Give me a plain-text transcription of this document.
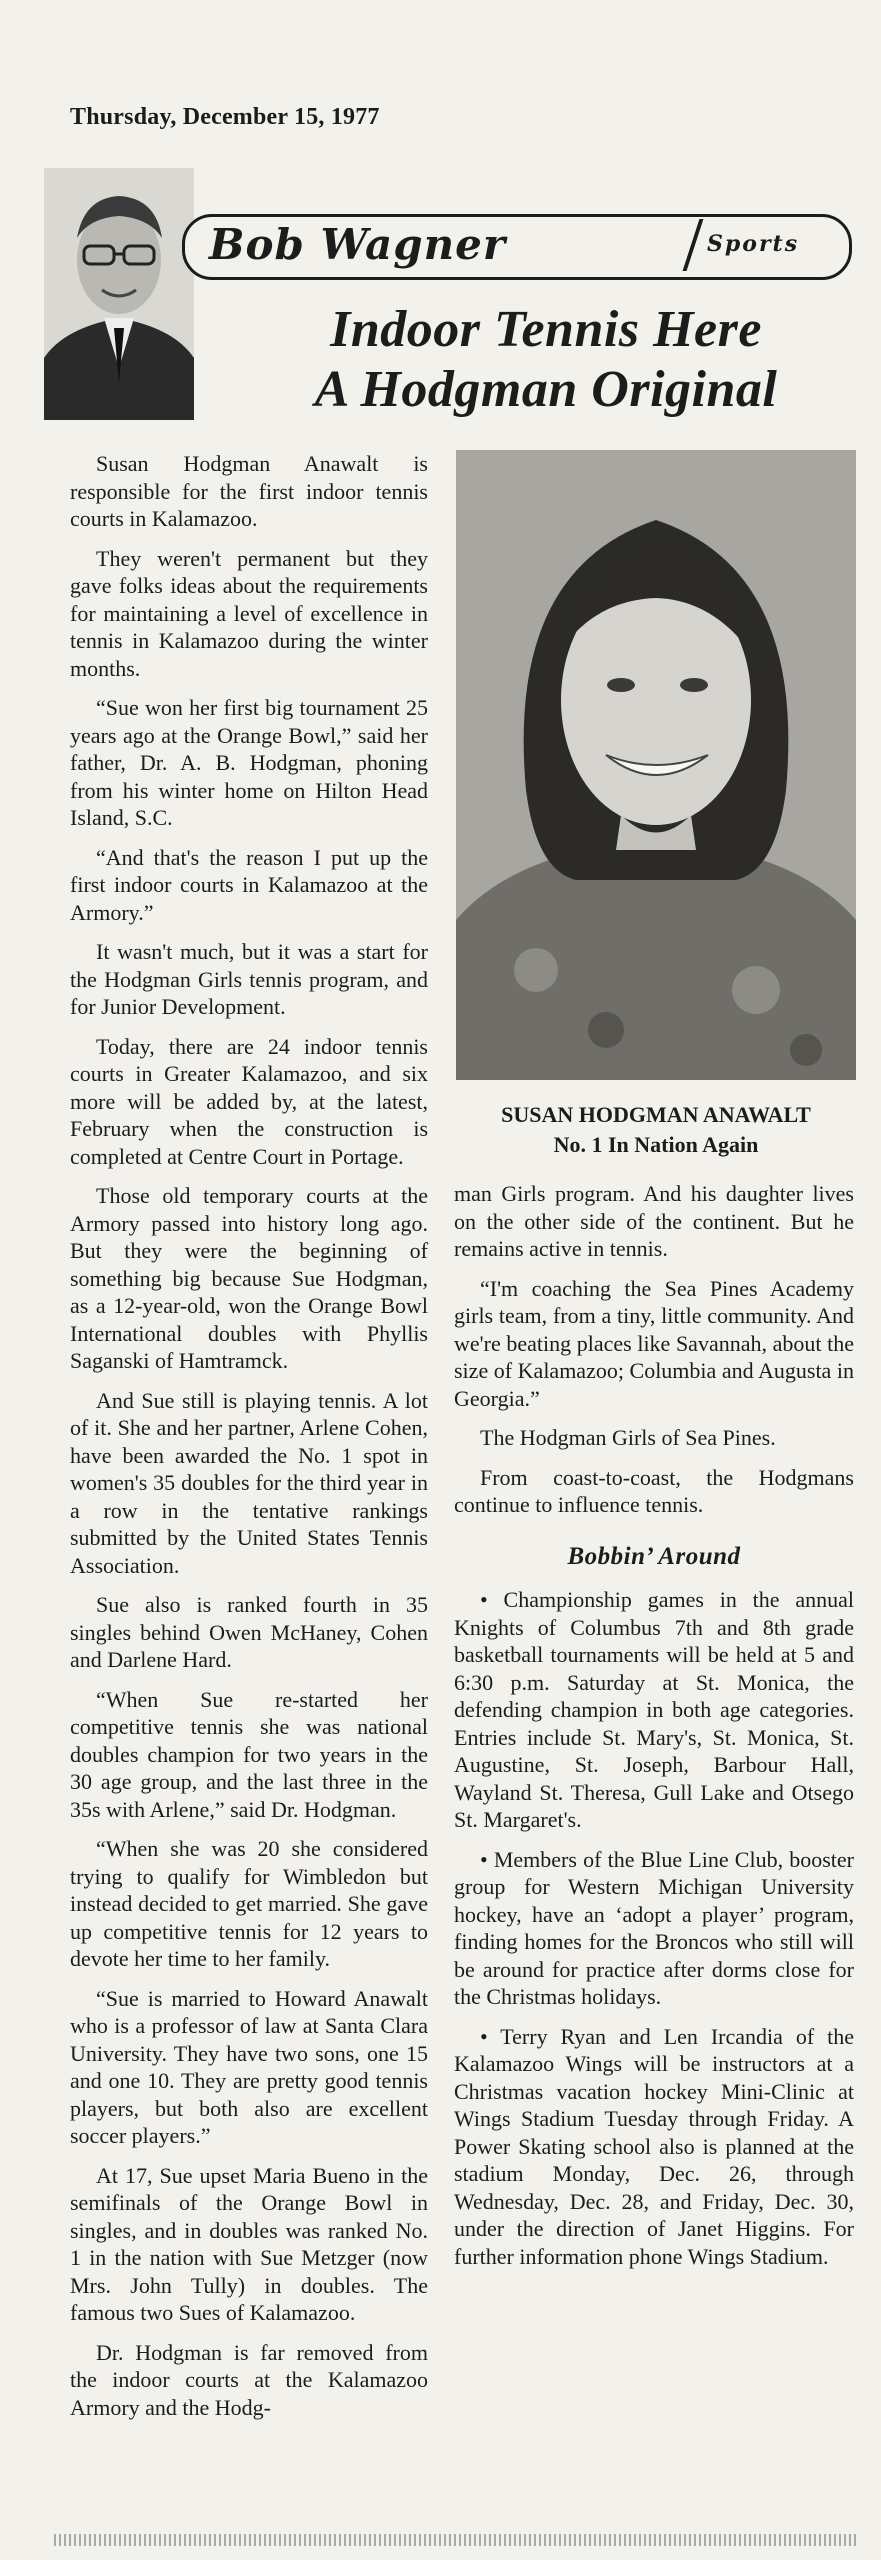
Thursday, December 15, 1977
Bob Wagner	Sports
Indoor Tennis Here
A Hodgman Original

Susan Hodgman Anawalt is responsible for the first indoor tennis courts in Kalamazoo.

They weren't permanent but they gave folks ideas about the requirements for maintaining a level of excellence in tennis in Kalamazoo during the winter months.

“Sue won her first big tournament 25 years ago at the Orange Bowl,” said her father, Dr. A. B. Hodgman, phoning from his winter home on Hilton Head Island, S.C.

“And that's the reason I put up the first indoor courts in Kalamazoo at the Armory.”

It wasn't much, but it was a start for the Hodgman Girls tennis program, and for Junior Development.

Today, there are 24 indoor tennis courts in Greater Kalamazoo, and six more will be added by, at the latest, February when the construction is completed at Centre Court in Portage.

Those old temporary courts at the Armory passed into history long ago. But they were the beginning of something big because Sue Hodgman, as a 12-year-old, won the Orange Bowl International doubles with Phyllis Saganski of Hamtramck.

And Sue still is playing tennis. A lot of it. She and her partner, Arlene Cohen, have been awarded the No. 1 spot in women's 35 doubles for the third year in a row in the tentative rankings submitted by the United States Tennis Association.

Sue also is ranked fourth in 35 singles behind Owen McHaney, Cohen and Darlene Hard.

“When Sue re-started her competitive tennis she was national doubles champion for two years in the 30 age group, and the last three in the 35s with Arlene,” said Dr. Hodgman.

“When she was 20 she considered trying to qualify for Wimbledon but instead decided to get married. She gave up competitive tennis for 12 years to devote her time to her family.

“Sue is married to Howard Anawalt who is a professor of law at Santa Clara University. They have two sons, one 15 and one 10. They are pretty good tennis players, but both also are excellent soccer players.”

At 17, Sue upset Maria Bueno in the semifinals of the Orange Bowl in singles, and in doubles was ranked No. 1 in the nation with Sue Metzger (now Mrs. John Tully) in doubles. The famous two Sues of Kalamazoo.

Dr. Hodgman is far removed from the indoor courts at the Kalamazoo Armory and the Hodg-

SUSAN HODGMAN ANAWALT
No. 1 In Nation Again

man Girls program. And his daughter lives on the other side of the continent. But he remains active in tennis.

“I'm coaching the Sea Pines Academy girls team, from a tiny, little community. And we're beating places like Savannah, about the size of Kalamazoo; Columbia and Augusta in Georgia.”

The Hodgman Girls of Sea Pines.

From coast-to-coast, the Hodgmans continue to influence tennis.

Bobbin’ Around

• Championship games in the annual Knights of Columbus 7th and 8th grade basketball tournaments will be held at 5 and 6:30 p.m. Saturday at St. Monica, the defending champion in both age categories. Entries include St. Mary's, St. Monica, St. Augustine, St. Joseph, Barbour Hall, Wayland St. Theresa, Gull Lake and Otsego St. Margaret's.

• Members of the Blue Line Club, booster group for Western Michigan University hockey, have an ‘adopt a player’ program, finding homes for the Broncos who still will be around for practice after dorms close for the Christmas holidays.

• Terry Ryan and Len Ircandia of the Kalamazoo Wings will be instructors at a Christmas vacation hockey Mini-Clinic at Wings Stadium Tuesday through Friday. A Power Skating school also is planned at the stadium Monday, Dec. 26, through Wednesday, Dec. 28, and Friday, Dec. 30, under the direction of Janet Higgins. For further information phone Wings Stadium.
